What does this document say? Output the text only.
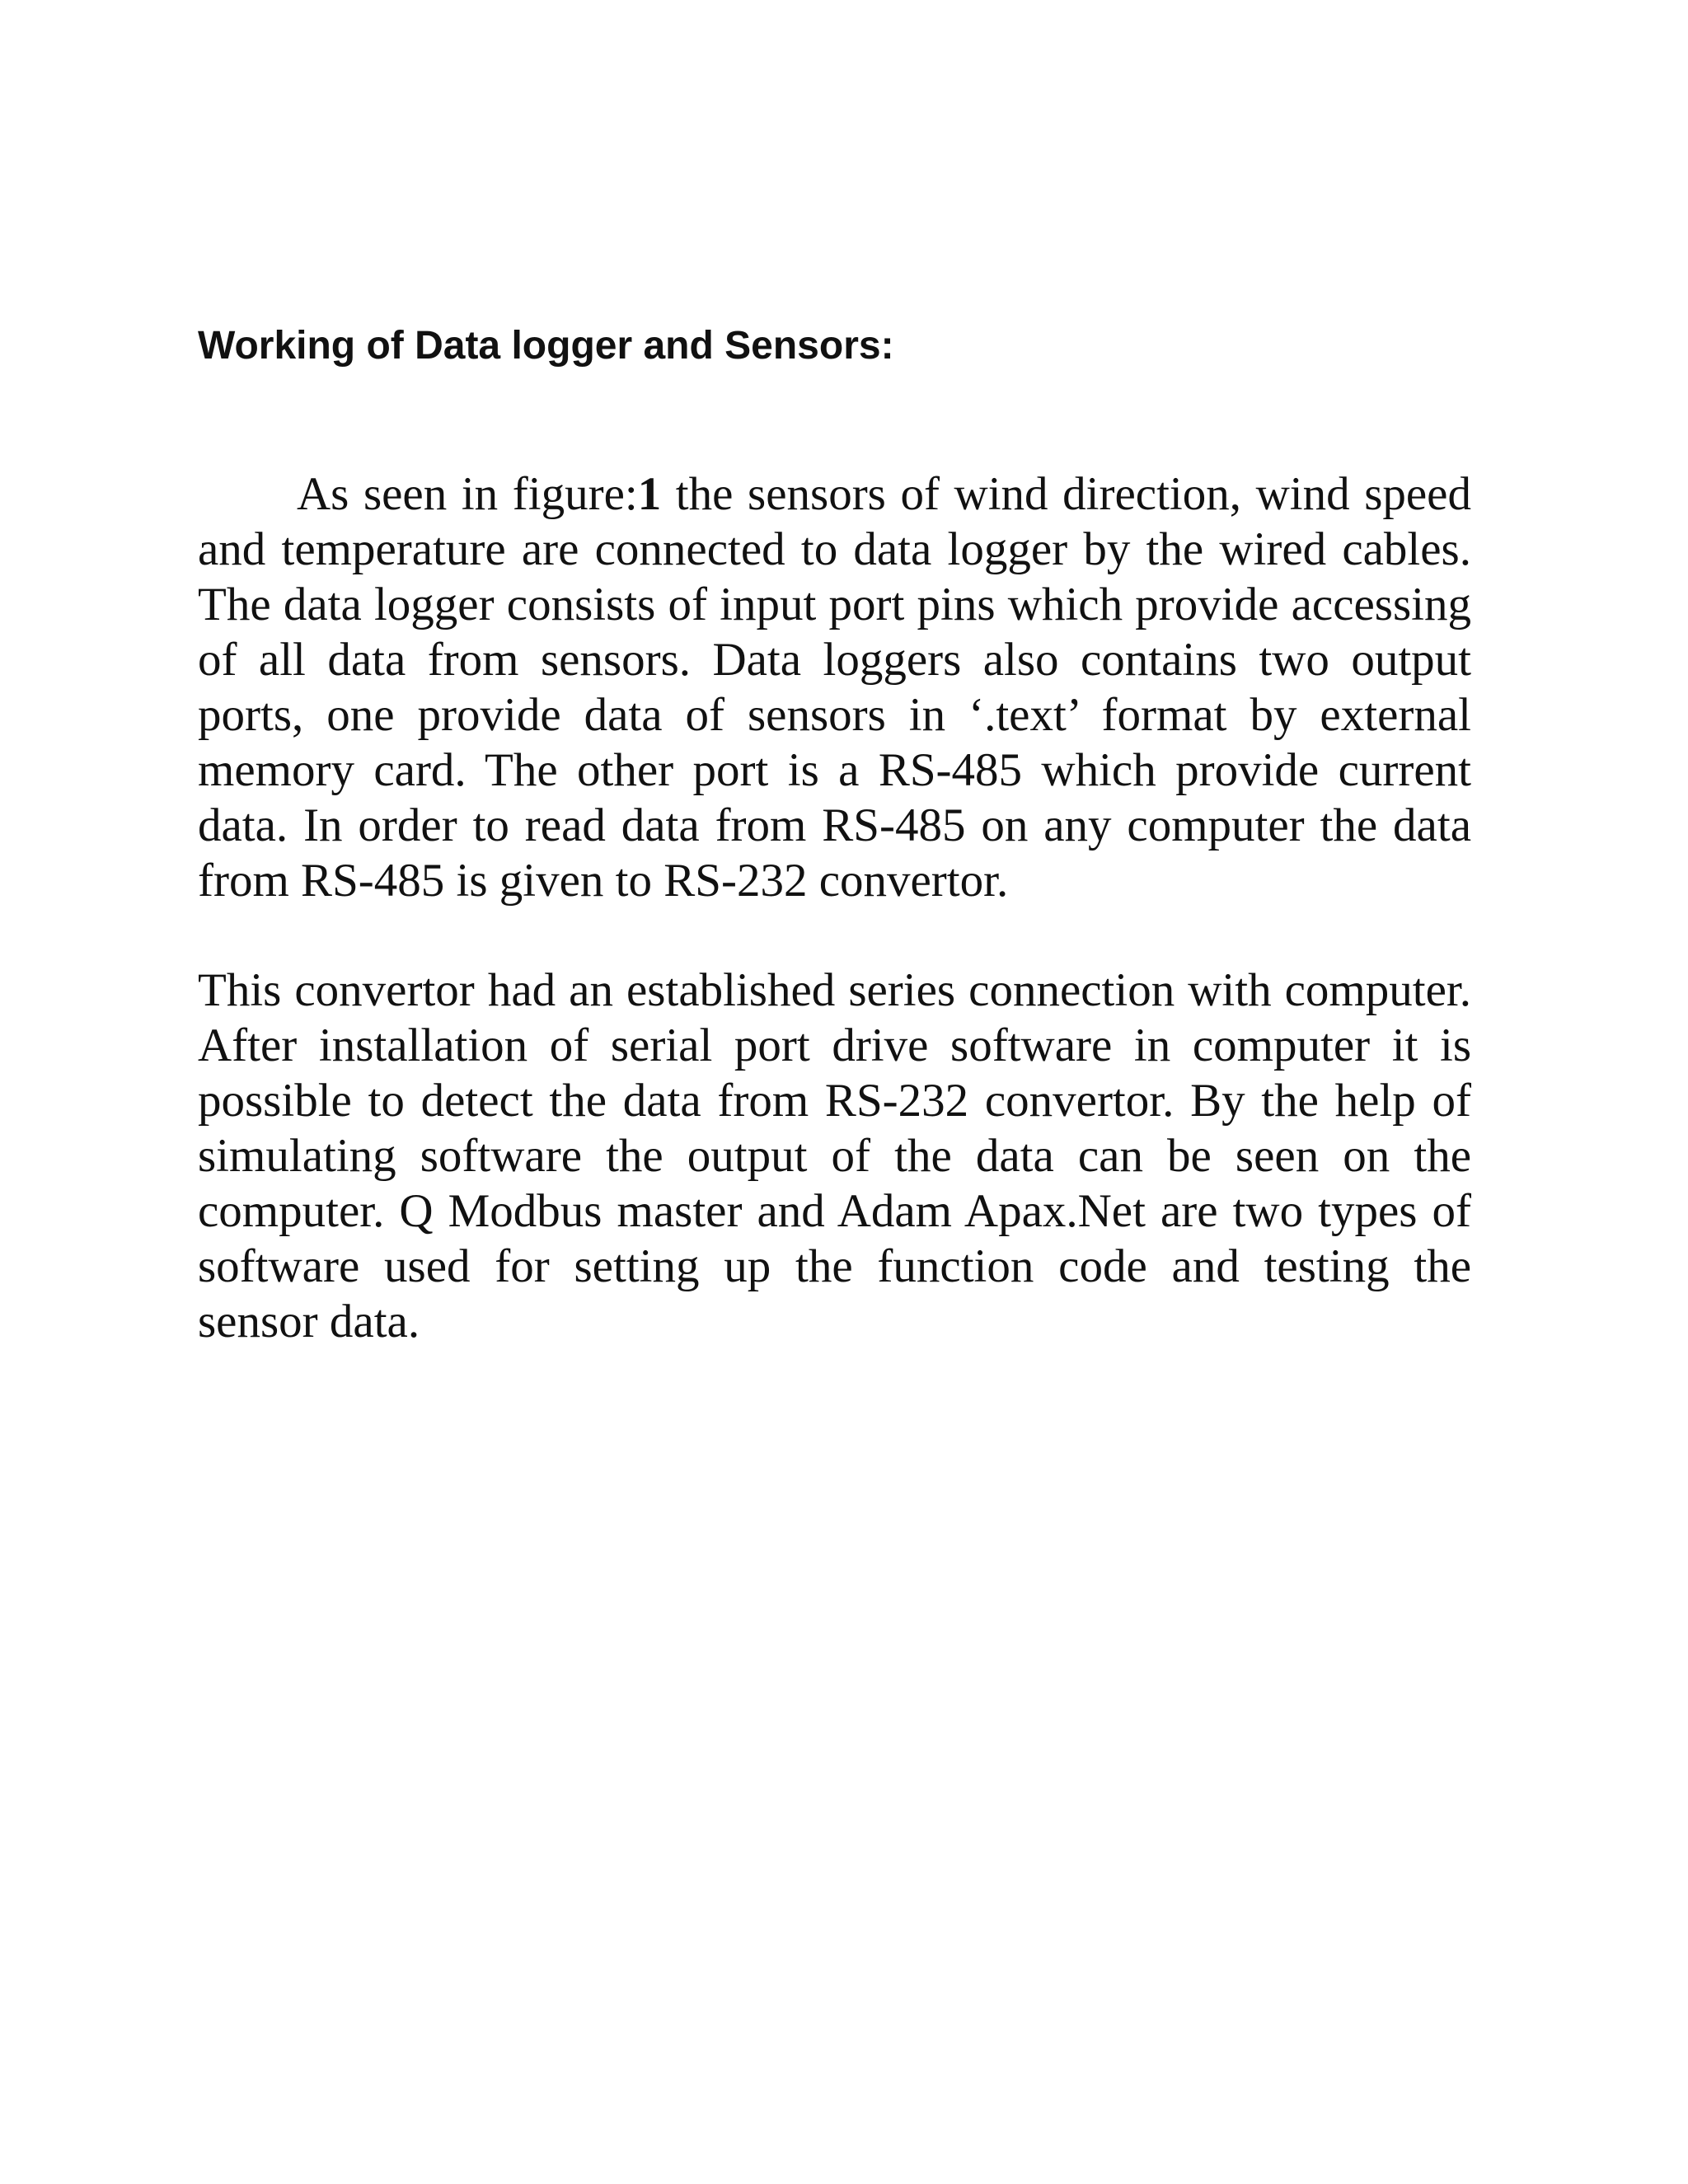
Working of Data logger and Sensors:

As seen in figure:1 the sensors of wind direction, wind speed and temperature are connected to data logger by the wired cables. The data logger consists of input port pins which provide accessing of all data from sensors. Data loggers also contains two output ports, one provide data of sensors in ‘.text’ format by external memory card. The other port is a RS-485 which provide current data. In order to read data from RS-485 on any computer the data from RS-485 is given to RS-232 convertor.

This convertor had an established series connection with computer. After installation of serial port drive software in computer it is possible to detect the data from RS-232 convertor. By the help of simulating software the output of the data can be seen on the computer. Q Modbus master and Adam Apax.Net are two types of software used for setting up the function code and testing the sensor data.
